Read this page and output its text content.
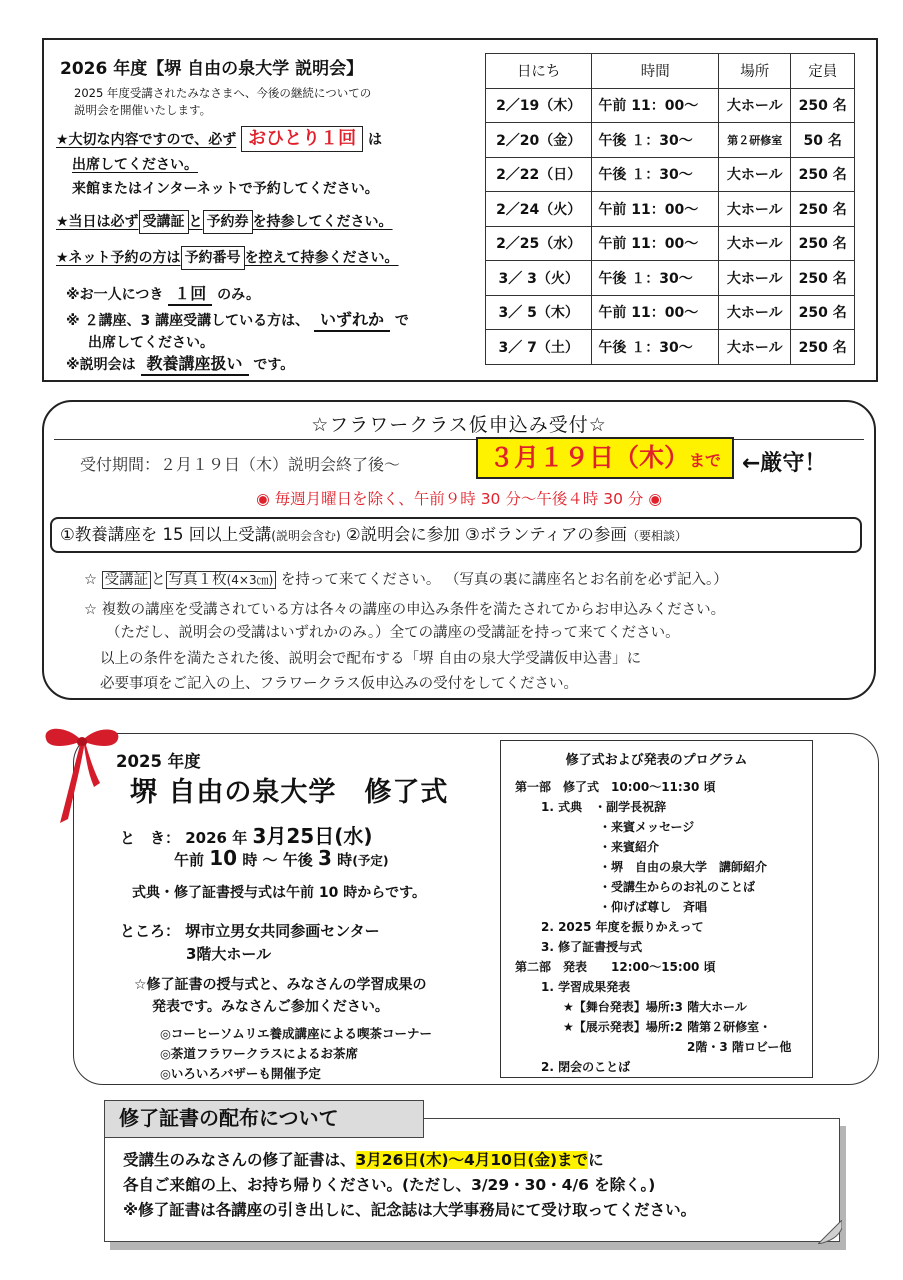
2026 年度【堺 自由の泉大学 説明会】
2025 年度受講されたみなさまへ、今後の継続についての
説明会を開催いたします。
★大切な内容ですので、必ず おひとり１回 は
出席してください。
来館またはインターネットで予約してください。
★当日は必ず 受講証 と 予約券 を持参してください。
★ネット予約の方は 予約番号 を控えて持参ください。
※お一人につき １回 のみ。
※ ２講座、3 講座受講している方は、 いずれか で
出席してください。
※説明会は 教養講座扱い です。
日にち	時間	場所	定員
2／19（木）	午前 11：00～	大ホール	250 名
2／20（金）	午後 １：30～	第２研修室	50 名
2／22（日）	午後 １：30～	大ホール	250 名
2／24（火）	午前 11：00～	大ホール	250 名
2／25（水）	午前 11：00～	大ホール	250 名
3／ 3（火）	午後 １：30～	大ホール	250 名
3／ 5（木）	午前 11：00～	大ホール	250 名
3／ 7（土）	午後 １：30～	大ホール	250 名
☆フラワークラス仮申込み受付☆
受付期間：２月１９日（木）説明会終了後～	３月１９日（木）まで ←厳守！
◉ 毎週月曜日を除く、午前９時 30 分～午後４時 30 分 ◉
①教養講座を 15 回以上受講(説明会含む) ②説明会に参加 ③ボランティアの参画（要相談）
☆ 受講証 と 写真１枚(4×3㎝) を持って来てください。 （写真の裏に講座名とお名前を必ず記入。）
☆ 複数の講座を受講されている方は各々の講座の申込み条件を満たされてからお申込みください。
（ただし、説明会の受講はいずれかのみ。）全ての講座の受講証を持って来てください。
以上の条件を満たされた後、説明会で配布する「堺 自由の泉大学受講仮申込書」に
必要事項をご記入の上、フラワークラス仮申込みの受付をしてください。
2025 年度
堺 自由の泉大学　修了式
と　き： 2026 年 3月25日(水)
午前 10 時 ～ 午後 3 時(予定)
式典・修了証書授与式は午前 10 時からです。
ところ： 堺市立男女共同参画センター
3階大ホール
☆修了証書の授与式と、みなさんの学習成果の
発表です。みなさんご参加ください。
◎コーヒーソムリエ養成講座による喫茶コーナー
◎茶道フラワークラスによるお茶席
◎いろいろバザーも開催予定
修了式および発表のプログラム
第一部　修了式　10:00～11:30 頃
1. 式典　・副学長祝辞
・来賓メッセージ
・来賓紹介
・堺　自由の泉大学　講師紹介
・受講生からのお礼のことば
・仰げば尊し　斉唱
2. 2025 年度を振りかえって
3. 修了証書授与式
第二部　発表　　12:00～15:00 頃
1. 学習成果発表
★【舞台発表】場所:3 階大ホール
★【展示発表】場所:2 階第２研修室・
2階・3 階ロビー他
2. 閉会のことば
修了証書の配布について
受講生のみなさんの修了証書は、3月26日(木)～4月10日(金)までに
各自ご来館の上、お持ち帰りください。(ただし、3/29・30・4/6 を除く。)
※修了証書は各講座の引き出しに、記念誌は大学事務局にて受け取ってください。
